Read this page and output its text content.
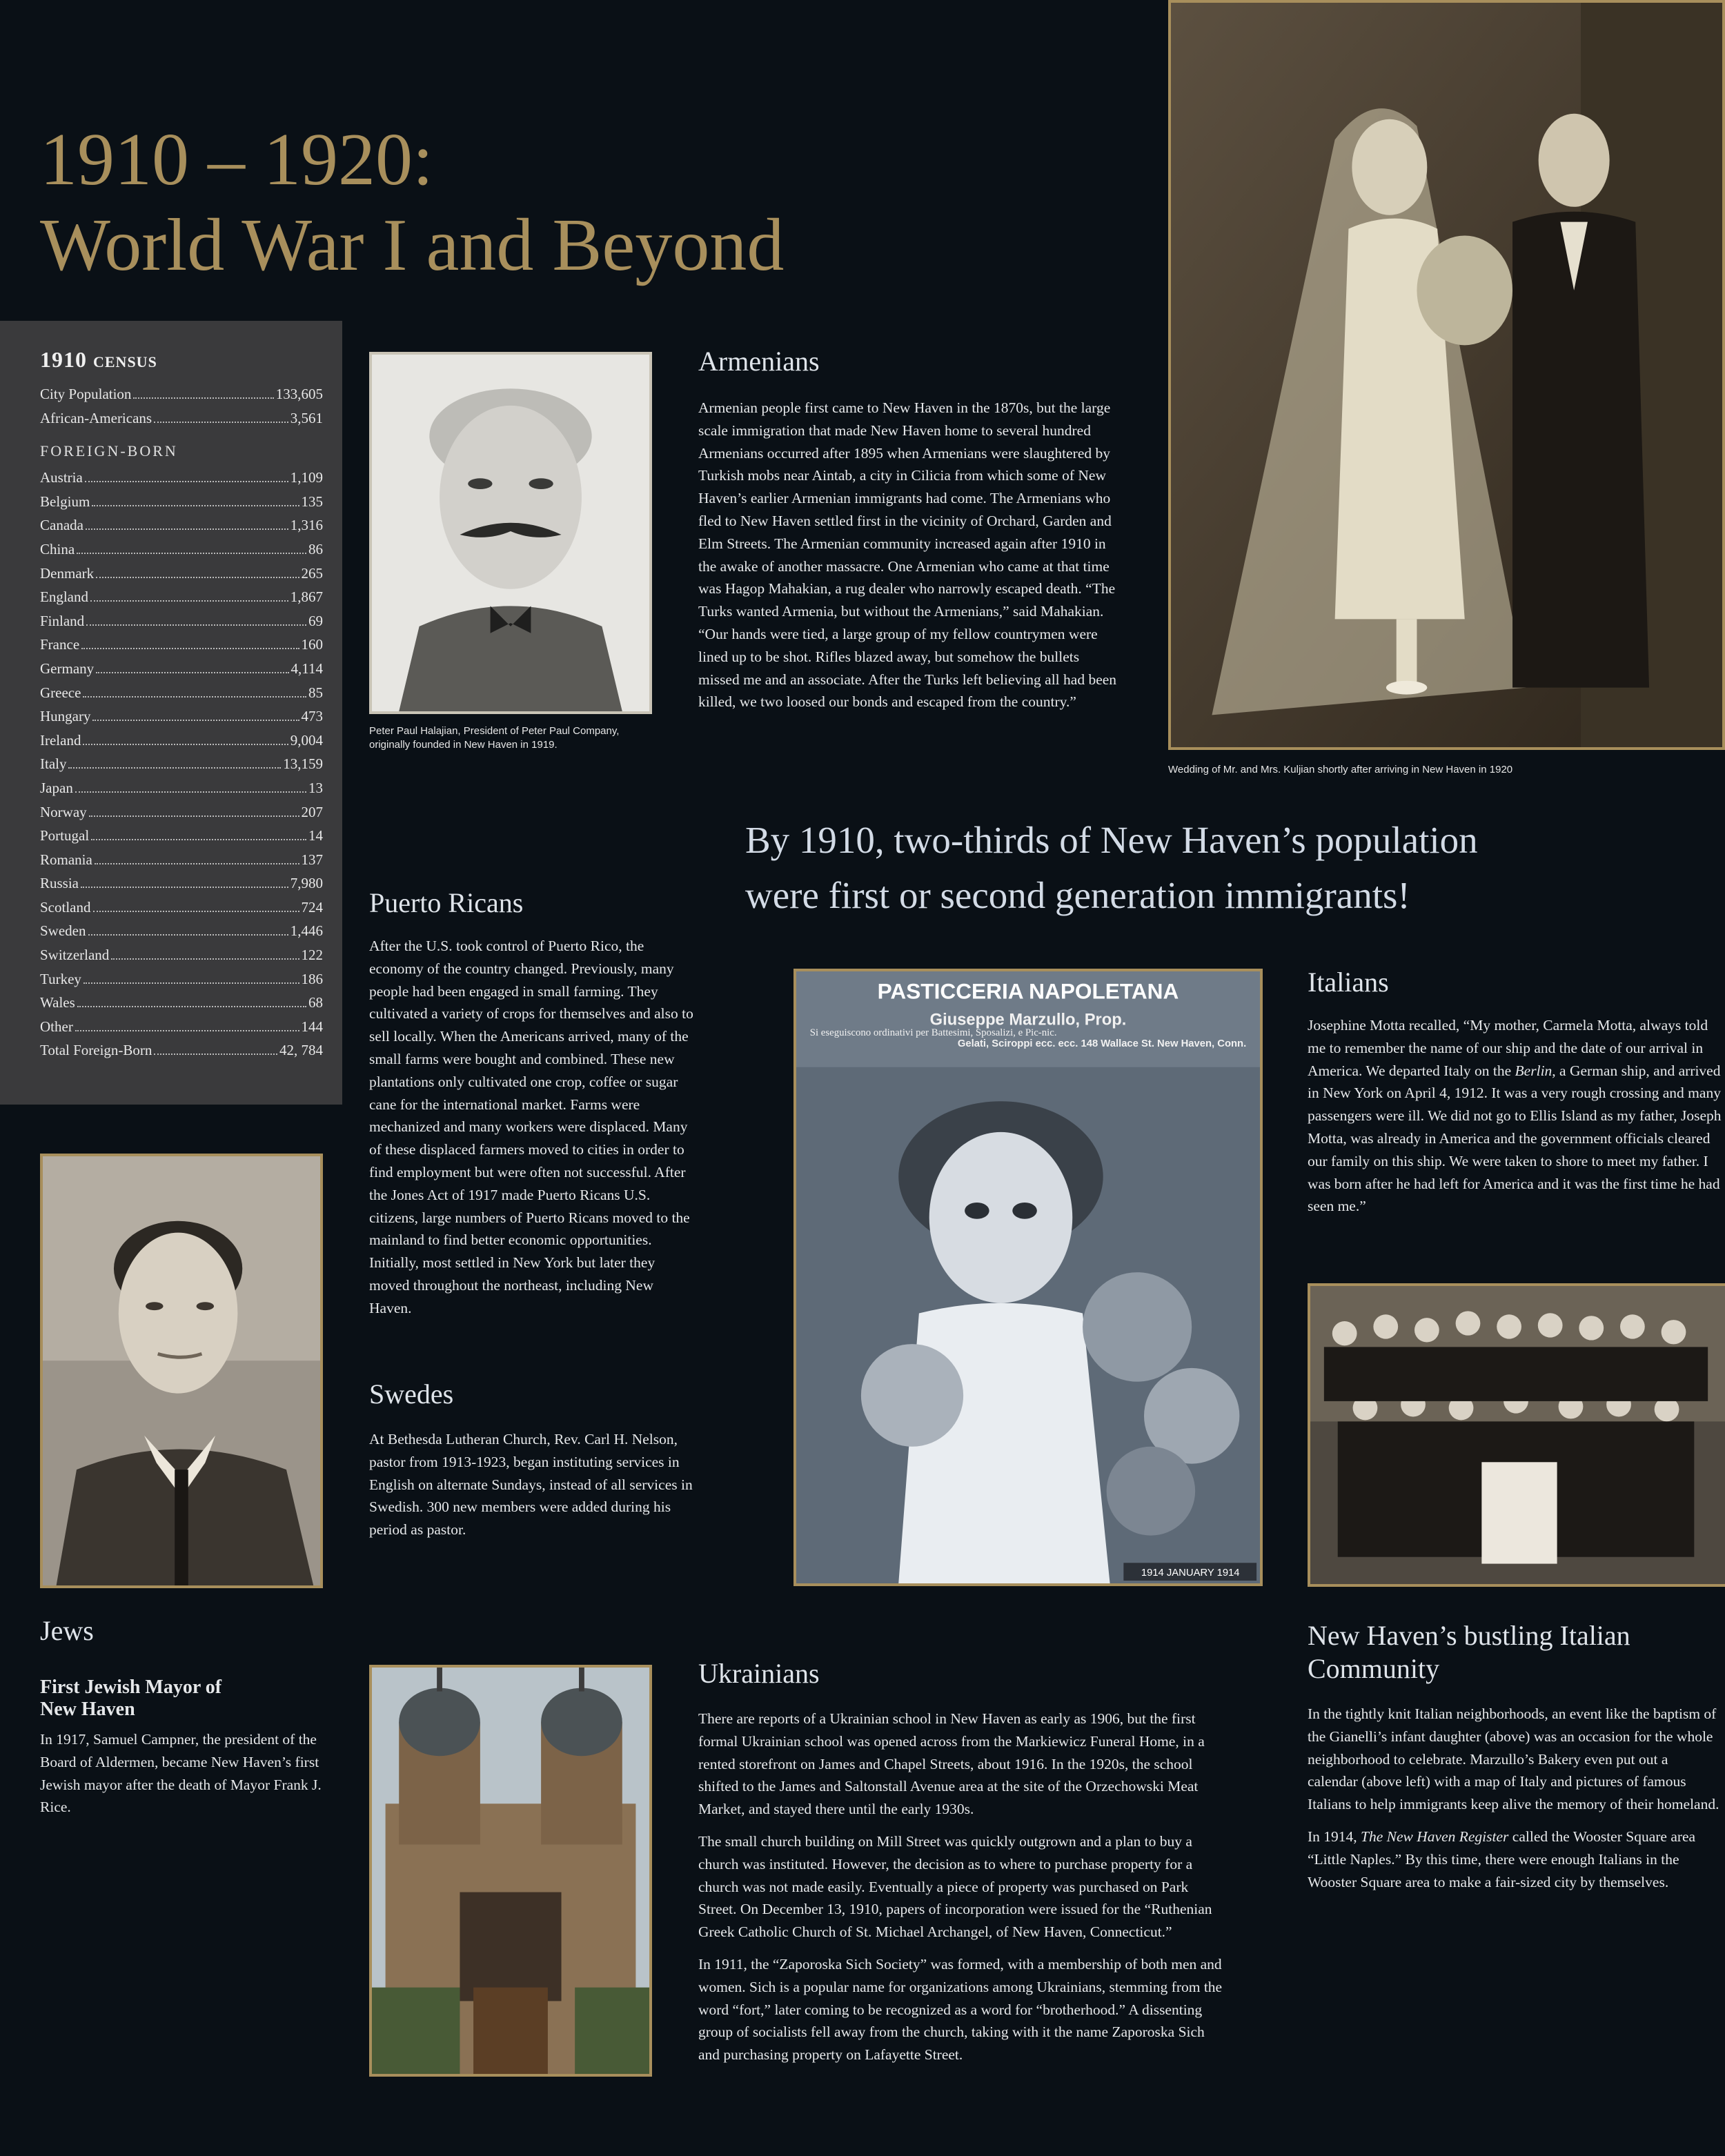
1910 – 1920:
World War I and Beyond
1910 census
City Population	133,605
African-Americans	3,561
FOREIGN-BORN
Austria	1,109
Belgium	135
Canada	1,316
China	86
Denmark	265
England	1,867
Finland	69
France	160
Germany	4,114
Greece	85
Hungary	473
Ireland	9,004
Italy	13,159
Japan	13
Norway	207
Portugal	14
Romania	137
Russia	7,980
Scotland	724
Sweden	1,446
Switzerland	122
Turkey	186
Wales	68
Other	144
Total Foreign-Born	42, 784
Peter Paul Halajian, President of Peter Paul Company, originally founded in New Haven in 1919.
Armenians
Armenian people first came to New Haven in the 1870s, but the large scale immigration that made New Haven home to several hundred Armenians occurred after 1895 when Armenians were slaughtered by Turkish mobs near Aintab, a city in Cilicia from which some of New Haven’s earlier Armenian immigrants had come. The Armenians who fled to New Haven settled first in the vicinity of Orchard, Garden and Elm Streets. The Armenian community increased again after 1910 in the awake of another massacre. One Armenian who came at that time was Hagop Mahakian, a rug dealer who narrowly escaped death. “The Turks wanted Armenia, but without the Armenians,” said Mahakian. “Our hands were tied, a large group of my fellow countrymen were lined up to be shot. Rifles blazed away, but somehow the bullets missed me and an associate. After the Turks left believing all had been killed, we two loosed our bonds and escaped from the country.”
Wedding of Mr. and Mrs. Kuljian shortly after arriving in New Haven in 1920
By 1910, two-thirds of New Haven’s population
were first or second generation immigrants!
Puerto Ricans
After the U.S. took control of Puerto Rico, the economy of the country changed. Previously, many people had been engaged in small farming. They cultivated a variety of crops for themselves and also to sell locally. When the Americans arrived, many of the small farms were bought and combined. These new plantations only cultivated one crop, coffee or sugar cane for the international market. Farms were mechanized and many workers were displaced. Many of these displaced farmers moved to cities in order to find employment but were often not successful. After the Jones Act of 1917 made Puerto Ricans U.S. citizens, large numbers of Puerto Ricans moved to the mainland to find better economic opportunities. Initially, most settled in New York but later they moved throughout the northeast, including New Haven.
Swedes
At Bethesda Lutheran Church, Rev. Carl H. Nelson, pastor from 1913-1923, began instituting services in English on alternate Sundays, instead of all services in Swedish. 300 new members were added during his period as pastor.
PASTICCERIA NAPOLETANA
Giuseppe Marzullo, Prop.
Si eseguiscono ordinativi per Battesimi, Sposalizi, e Pic-nic.
Gelati, Sciroppi ecc. ecc. 148 Wallace St. New Haven, Conn.
1914 JANUARY 1914
Italians
Josephine Motta recalled, “My mother, Carmela Motta, always told me to remember the name of our ship and the date of our arrival in America. We departed Italy on the Berlin, a German ship, and arrived in New York on April 4, 1912. It was a very rough crossing and many passengers were ill. We did not go to Ellis Island as my father, Joseph Motta, was already in America and the government officials cleared our family on this ship. We were taken to shore to meet my father. I was born after he had left for America and it was the first time he had seen me.”
Jews
First Jewish Mayor of New Haven
In 1917, Samuel Campner, the president of the Board of Aldermen, became New Haven’s first Jewish mayor after the death of Mayor Frank J. Rice.
Ukrainians

There are reports of a Ukrainian school in New Haven as early as 1906, but the first formal Ukrainian school was opened across from the Markiewicz Funeral Home, in a rented storefront on James and Chapel Streets, about 1916. In the 1920s, the school shifted to the James and Saltonstall Avenue area at the site of the Orzechowski Meat Market, and stayed there until the early 1930s.

The small church building on Mill Street was quickly outgrown and a plan to buy a church was instituted. However, the decision as to where to purchase property for a church was not made easily. Eventually a piece of property was purchased on Park Street. On December 13, 1910, papers of incorporation were issued for the “Ruthenian Greek Catholic Church of St. Michael Archangel, of New Haven, Connecticut.”

In 1911, the “Zaporoska Sich Society” was formed, with a membership of both men and women. Sich is a popular name for organizations among Ukrainians, stemming from the word “fort,” later coming to be recognized as a word for “brotherhood.” A dissenting group of socialists fell away from the church, taking with it the name Zaporoska Sich and purchasing property on Lafayette Street.

New Haven’s bustling Italian Community

In the tightly knit Italian neighborhoods, an event like the baptism of the Gianelli’s infant daughter (above) was an occasion for the whole neighborhood to celebrate. Marzullo’s Bakery even put out a calendar (above left) with a map of Italy and pictures of famous Italians to help immigrants keep alive the memory of their homeland.

In 1914, The New Haven Register called the Wooster Square area “Little Naples.” By this time, there were enough Italians in the Wooster Square area to make a fair-sized city by themselves.
